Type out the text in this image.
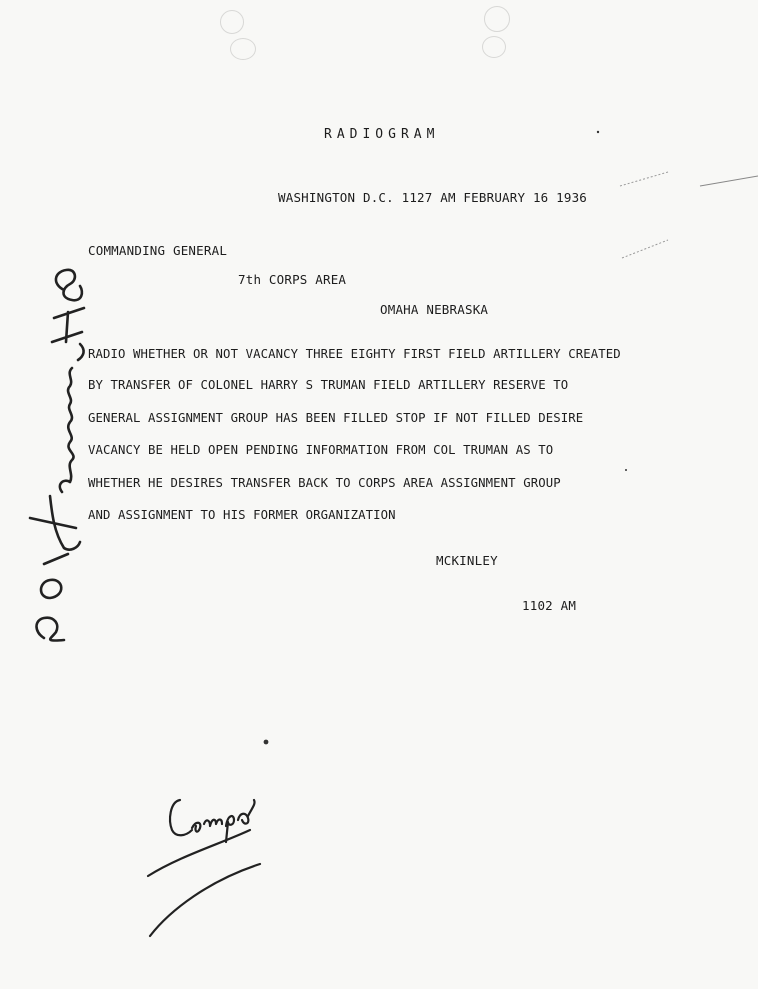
RADIOGRAM
WASHINGTON D.C. 1127 AM FEBRUARY 16 1936
COMMANDING GENERAL
7th CORPS AREA
OMAHA NEBRASKA
RADIO WHETHER OR NOT VACANCY THREE EIGHTY FIRST FIELD ARTILLERY CREATED
BY TRANSFER OF COLONEL HARRY S TRUMAN FIELD ARTILLERY RESERVE TO
GENERAL ASSIGNMENT GROUP HAS BEEN FILLED STOP IF NOT FILLED DESIRE
VACANCY BE HELD OPEN PENDING INFORMATION FROM COL TRUMAN AS TO
WHETHER HE DESIRES TRANSFER BACK TO CORPS AREA ASSIGNMENT GROUP
AND ASSIGNMENT TO HIS FORMER ORGANIZATION
MCKINLEY
1102 AM
